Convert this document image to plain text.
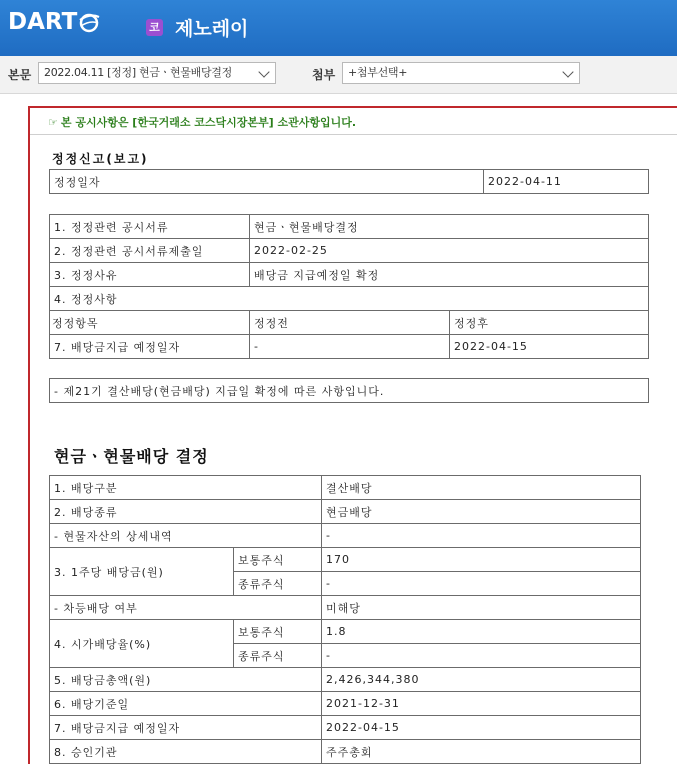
DART	코 제노레이
본문	2022.04.11 [정정] 현금ㆍ현물배당결정	첨부	+첨부선택+
☞ 본 공시사항은 [한국거래소 코스닥시장본부] 소관사항입니다.
정정신고(보고)
정정일자	2022-04-11
1. 정정관련 공시서류	현금ㆍ현물배당결정	
2. 정정관련 공시서류제출일	2022-02-25	
3. 정정사유	배당금 지급예정일 확정	
4. 정정사항		
정정항목	정정전	정정후
7. 배당금지급 예정일자	-	2022-04-15
- 제21기 결산배당(현금배당) 지급일 확정에 따른 사항입니다.
현금ㆍ현물배당 결정
1. 배당구분		결산배당
2. 배당종류		현금배당
- 현물자산의 상세내역		-
3. 1주당 배당금(원)	보통주식	170
	종류주식	-
- 차등배당 여부		미해당
4. 시가배당율(%)	보통주식	1.8
	종류주식	-
5. 배당금총액(원)		2,426,344,380
6. 배당기준일		2021-12-31
7. 배당금지급 예정일자		2022-04-15
8. 승인기관		주주총회
